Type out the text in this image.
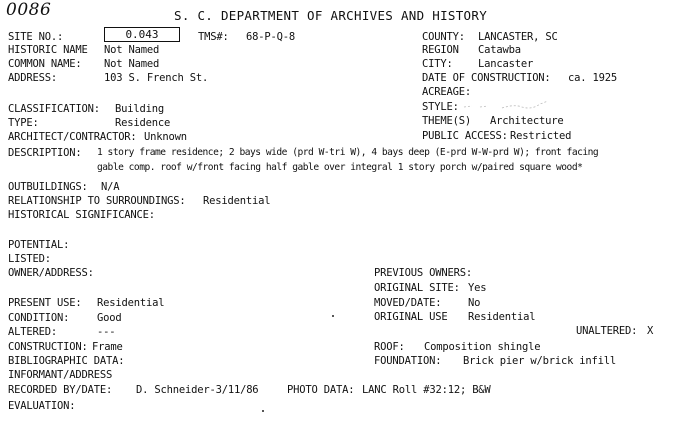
0086	S. C. DEPARTMENT OF ARCHIVES AND HISTORY
SITE NO.:	0.043	TMS#: 68-P-Q-8	COUNTY: LANCASTER, SC
HISTORIC NAME Not Named	REGION Catawba
COMMON NAME: Not Named	CITY: Lancaster
ADDRESS:	103 S. French St.	DATE OF CONSTRUCTION: ca. 1925
ACREAGE:
CLASSIFICATION: Building	STYLE:
TYPE:	Residence	THEME(S) Architecture
ARCHITECT/CONTRACTOR: Unknown	PUBLIC ACCESS: Restricted
DESCRIPTION: 1 story frame residence; 2 bays wide (prd W-tri W), 4 bays deep (E-prd W-W-prd W); front facing
gable comp. roof w/front facing half gable over integral 1 story porch w/paired square wood*
OUTBUILDINGS: N/A
RELATIONSHIP TO SURROUNDINGS: Residential
HISTORICAL SIGNIFICANCE:
POTENTIAL:
LISTED:
OWNER/ADDRESS:	PREVIOUS OWNERS:
ORIGINAL SITE: Yes
PRESENT USE: Residential	MOVED/DATE:	No
CONDITION:	Good	ORIGINAL USE Residential
ALTERED:	---	UNALTERED: X
CONSTRUCTION: Frame	ROOF: Composition shingle
BIBLIOGRAPHIC DATA:	FOUNDATION: Brick pier w/brick infill
INFORMANT/ADDRESS
RECORDED BY/DATE: D. Schneider-3/11/86	PHOTO DATA: LANC Roll #32:12; B&W
EVALUATION:
